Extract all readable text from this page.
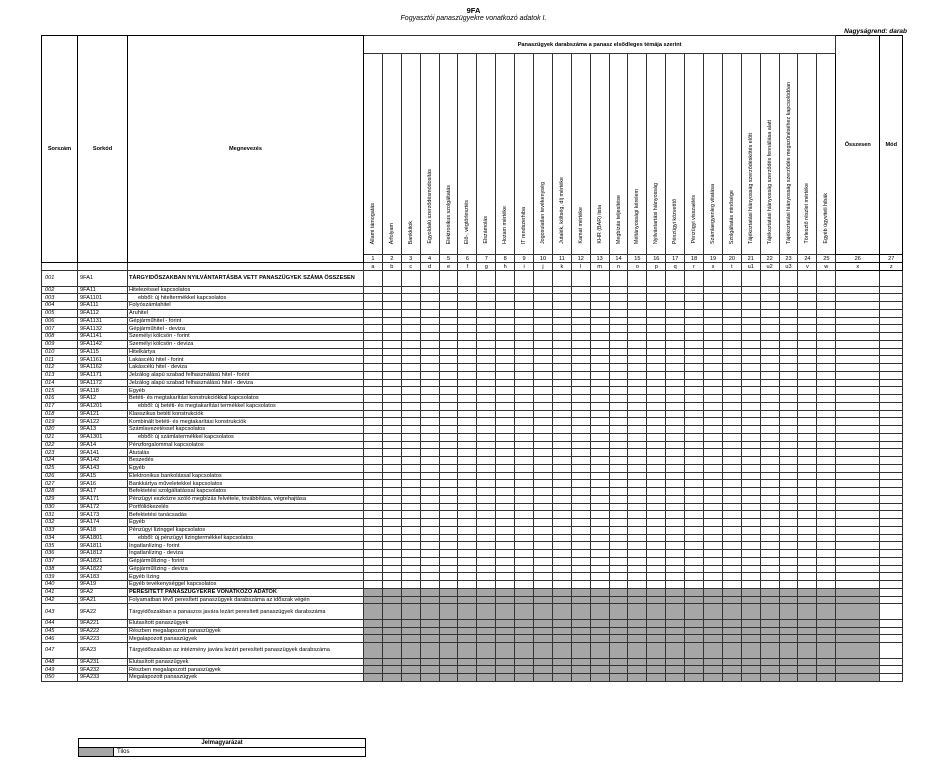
9FA
Fogyasztói panaszügyekre vonatkozó adatok I.
Nagyságrend: darab
Sorszám	Sorkód	Megnevezés	Panaszügyek darabszáma a panasz elsődleges témája szerint																									Összesen	Mód
			Állami támogatás	Árfolyam	Bankkitok	Egyoldalú szerződésmódosítás	Elektronikus szolgáltatás	Elő-, végtörlesztés	Elszámolás	Hozam mértéke	IT rendszerhiba	Jogosulatlan tevékenység	Jutalék, költség, díj mértéke	Kamat mértéke	KHR (BAR) lista	Megbízás teljesítése	Méltányossági kérelem	Nyilvántartási hiányosság	Pénzügyi közvetítő	Pénzügyi visszaélés	Számlaegyenleg vitatása	Szolgáltatás minősége	Tájékoztatási hiányosság szerződéskötés előtt	Tájékoztatási hiányosság szerződés fennállása alatt	Tájékoztatási hiányosság szerződés megszűnéséhez kapcsolódóan	Törlesztő részlet mértéke	Egyéb ügyviteli hibák		
			1	2	3	4	5	6	7	8	9	10	11	12	13	14	15	16	17	18	19	20	21	22	23	24	25	26	27
			a	b	c	d	e	f	g	h	i	j	k	l	m	n	o	p	q	r	s	t	u1	u2	u3	v	w	x	z
001	9FA1	TÁRGYIDŐSZAKBAN NYILVÁNTARTÁSBA VETT PANASZÜGYEK SZÁMA ÖSSZESEN																											
002	9FA11	Hitelezéssel kapcsolatos																											
003	9FA1101	ebből: új hiteltermékkel kapcsolatos																											
004	9FA111	Folyószámlahitel																											
005	9FA112	Áruhitel																											
006	9FA1131	Gépjárműhitel - forint																											
007	9FA1132	Gépjárműhitel - deviza																											
008	9FA1141	Személyi kölcsön - forint																											
009	9FA1142	Személyi kölcsön - deviza																											
010	9FA115	Hitelkártya																											
011	9FA1161	Lakáscélú hitel - forint																											
012	9FA1162	Lakáscélú hitel - deviza																											
013	9FA1171	Jelzálog alapú szabad felhasználású hitel - forint																											
014	9FA1172	Jelzálog alapú szabad felhasználású hitel - deviza																											
015	9FA118	Egyéb																											
016	9FA12	Betéti- és megtakarítási konstrukciókkal kapcsolatos																											
017	9FA1201	ebből: új betéti- és megtakarítási termékkel kapcsolatos																											
018	9FA121	Klasszikus betéti konstrukciók																											
019	9FA122	Kombinált betéti- és megtakarítási konstrukciók																											
020	9FA13	Számlavezetéssel kapcsolatos																											
021	9FA1301	ebből: új számlatermékkel kapcsolatos																											
022	9FA14	Pénzforgalommal kapcsolatos																											
023	9FA141	Átutalás																											
024	9FA142	Beszedés																											
025	9FA143	Egyéb																											
026	9FA15	Elektronikus bankolással kapcsolatos																											
027	9FA16	Bankkártya műveletekkel kapcsolatos																											
028	9FA17	Befektetési szolgáltatással kapcsolatos																											
029	9FA171	Pénzügyi eszközre szóló megbízás felvétele, továbbítása, végrehajtása																											
030	9FA172	Portfóliókezelés																											
031	9FA173	Befektetési tanácsadás																											
032	9FA174	Egyéb																											
033	9FA18	Pénzügyi lízinggel kapcsolatos																											
034	9FA1801	ebből: új pénzügyi lízingtermékkel kapcsolatos																											
035	9FA1811	Ingatlanlízing - forint																											
036	9FA1812	Ingatlanlízing - deviza																											
037	9FA1821	Gépjárműlízing - forint																											
038	9FA1822	Gépjárműlízing - deviza																											
039	9FA183	Egyéb lízing																											
040	9FA19	Egyéb tevékenységgel kapcsolatos																											
041	9FA2	PERESÍTETT PANASZÜGYEKRE VONATKOZÓ ADATOK																											
042	9FA21	Folyamatban lévő peresített panaszügyek darabszáma az időszak végén																											
043	9FA22	Tárgyidőszakban a panaszos javára lezárt peresített panaszügyek darabszáma																											
044	9FA221	Elutasított panaszügyek																											
045	9FA222	Részben megalapozott panaszügyek																											
046	9FA223	Megalapozott panaszügyek																											
047	9FA23	Tárgyidőszakban az intézmény javára lezárt peresített panaszügyek darabszáma																											
048	9FA231	Elutasított panaszügyek																											
049	9FA232	Részben megalapozott panaszügyek																											
050	9FA233	Megalapozott panaszügyek																											
Jelmagyarázat
	Tilos
